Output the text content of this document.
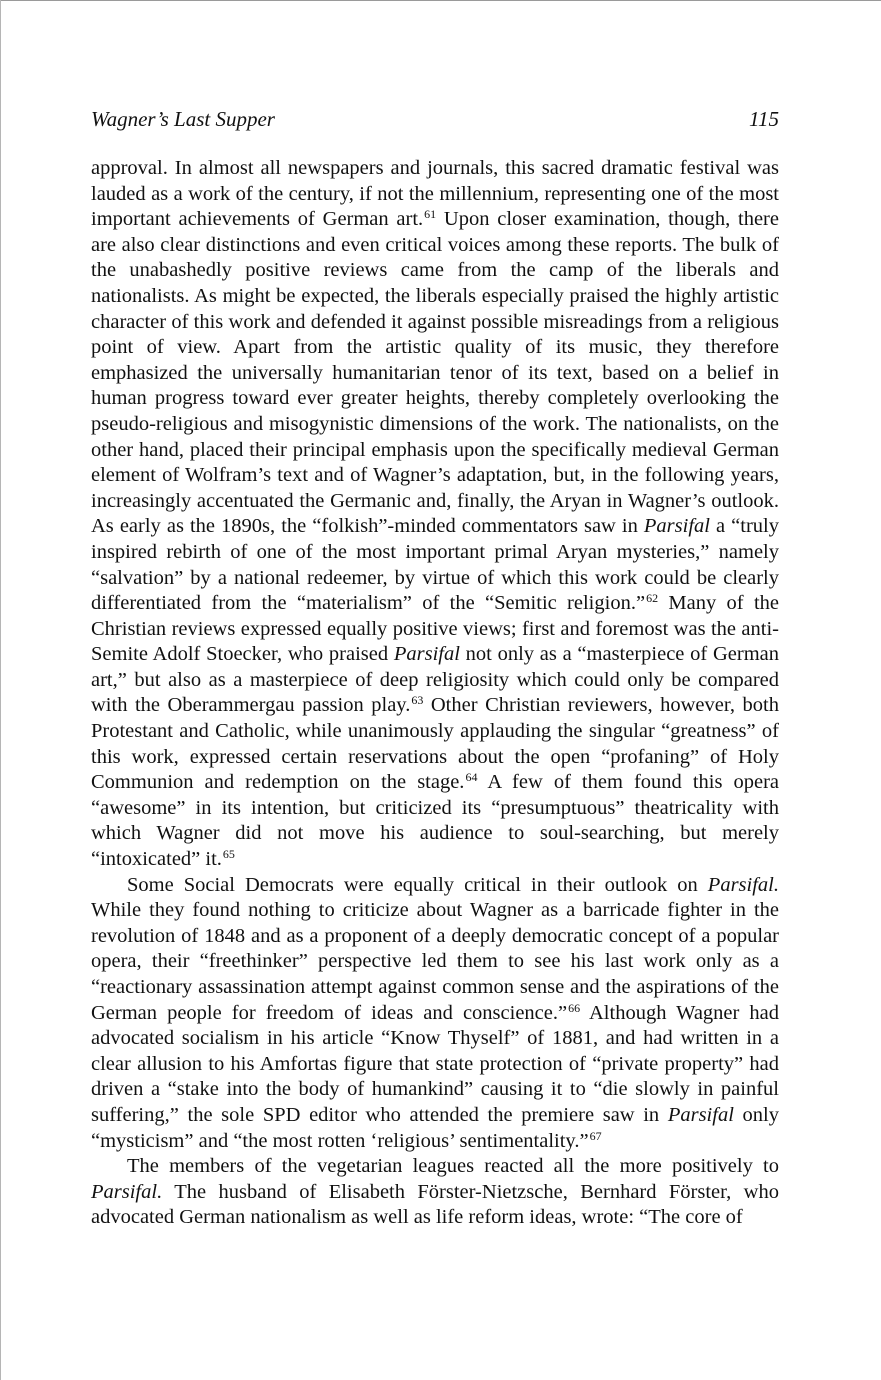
Wagner’s Last Supper	115

approval. In almost all newspapers and journals, this sacred dramatic festival was lauded as a work of the century, if not the millennium, representing one of the most important achievements of German art.$^{61}$ Upon closer examination, though, there are also clear distinctions and even critical voices among these reports. The bulk of the unabashedly positive reviews came from the camp of the liberals and nationalists. As might be expected, the liberals especially praised the highly artistic character of this work and defended it against possible misreadings from a religious point of view. Apart from the artistic quality of its music, they therefore emphasized the universally humanitarian tenor of its text, based on a belief in human progress toward ever greater heights, thereby completely overlooking the pseudo-religious and misogynistic dimensions of the work. The nationalists, on the other hand, placed their principal emphasis upon the specifically medieval German element of Wolfram’s text and of Wagner’s adaptation, but, in the following years, increasingly accentuated the Germanic and, finally, the Aryan in Wagner’s outlook. As early as the 1890s, the “folkish”-minded commentators saw in Parsifal a “truly inspired rebirth of one of the most important primal Aryan mysteries,” namely “salvation” by a national redeemer, by virtue of which this work could be clearly differentiated from the “materialism” of the “Semitic religion.”$^{62}$ Many of the Christian reviews expressed equally positive views; first and foremost was the anti-Semite Adolf Stoecker, who praised Parsifal not only as a “masterpiece of German art,” but also as a masterpiece of deep religiosity which could only be compared with the Oberammergau passion play.$^{63}$ Other Christian reviewers, however, both Protestant and Catholic, while unanimously applauding the singular “greatness” of this work, expressed certain reservations about the open “profaning” of Holy Communion and redemption on the stage.$^{64}$ A few of them found this opera “awesome” in its intention, but criticized its “presumptuous” theatricality with which Wagner did not move his audience to soul-searching, but merely “intoxicated” it.$^{65}$

Some Social Democrats were equally critical in their outlook on Parsifal. While they found nothing to criticize about Wagner as a barricade fighter in the revolution of 1848 and as a proponent of a deeply democratic concept of a popular opera, their “freethinker” perspective led them to see his last work only as a “reactionary assassination attempt against common sense and the aspirations of the German people for freedom of ideas and conscience.”$^{66}$ Although Wagner had advocated socialism in his article “Know Thyself” of 1881, and had written in a clear allusion to his Amfortas figure that state protection of “private property” had driven a “stake into the body of humankind” causing it to “die slowly in painful suffering,” the sole SPD editor who attended the premiere saw in Parsifal only “mysticism” and “the most rotten ‘religious’ sentimentality.”$^{67}$

The members of the vegetarian leagues reacted all the more positively to Parsifal. The husband of Elisabeth Förster-Nietzsche, Bernhard Förster, who advocated German nationalism as well as life reform ideas, wrote: “The core of
